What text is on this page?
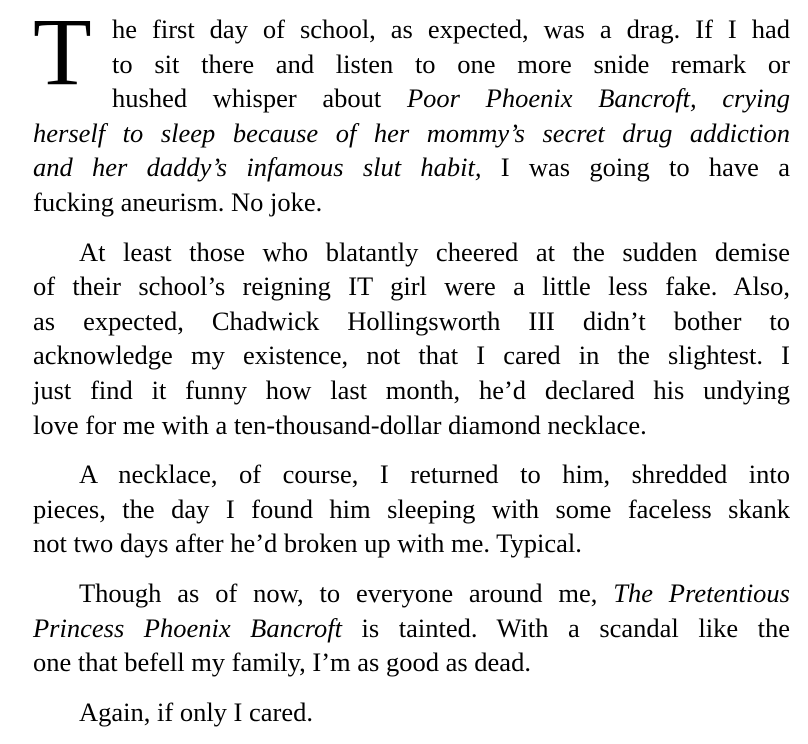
T he first day of school, as expected, was a drag. If I had
to sit there and listen to one more snide remark or
hushed whisper about Poor Phoenix Bancroft, crying
herself to sleep because of her mommy’s secret drug addiction
and her daddy’s infamous slut habit, I was going to have a
fucking aneurism. No joke.
At least those who blatantly cheered at the sudden demise
of their school’s reigning IT girl were a little less fake. Also,
as expected, Chadwick Hollingsworth III didn’t bother to
acknowledge my existence, not that I cared in the slightest. I
just find it funny how last month, he’d declared his undying
love for me with a ten-thousand-dollar diamond necklace.
A necklace, of course, I returned to him, shredded into
pieces, the day I found him sleeping with some faceless skank
not two days after he’d broken up with me. Typical.
Though as of now, to everyone around me, The Pretentious
Princess Phoenix Bancroft is tainted. With a scandal like the
one that befell my family, I’m as good as dead.
Again, if only I cared.
